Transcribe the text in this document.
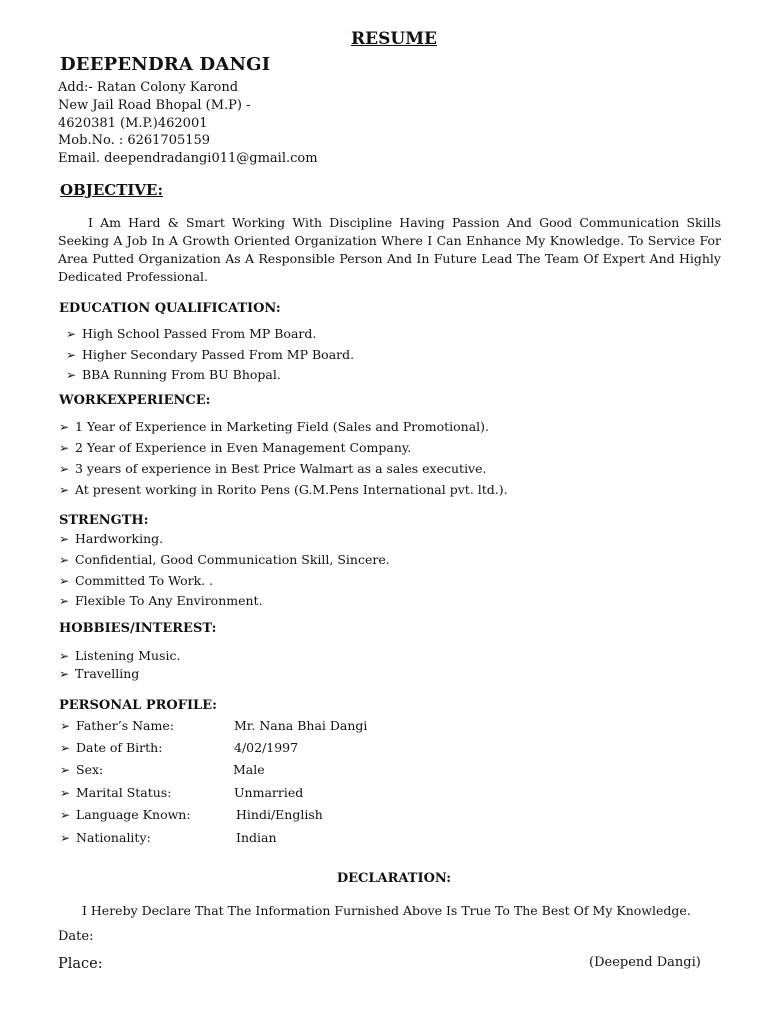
RESUME
DEEPENDRA DANGI
Add:- Ratan Colony Karond
New Jail Road Bhopal (M.P) -
4620381 (M.P.)462001
Mob.No. : 6261705159
Email. deependradangi011@gmail.com
OBJECTIVE:
I Am Hard & Smart Working With Discipline Having Passion And Good Communication Skills Seeking A Job In A Growth Oriented Organization Where I Can Enhance My Knowledge. To Service For Area Putted Organization As A Responsible Person And In Future Lead The Team Of Expert And Highly Dedicated Professional.
EDUCATION QUALIFICATION:
➢ High School Passed From MP Board.
➢ Higher Secondary Passed From MP Board.
➢ BBA Running From BU Bhopal.
WORKEXPERIENCE:
➢ 1 Year of Experience in Marketing Field (Sales and Promotional).
➢ 2 Year of Experience in Even Management Company.
➢ 3 years of experience in Best Price Walmart as a sales executive.
➢ At present working in Rorito Pens (G.M.Pens International pvt. ltd.).
STRENGTH:
➢ Hardworking.
➢ Confidential, Good Communication Skill, Sincere.
➢ Committed To Work. .
➢ Flexible To Any Environment.
HOBBIES/INTEREST:
➢ Listening Music.
➢ Travelling
PERSONAL PROFILE:
➢ Father’s Name:	Mr. Nana Bhai Dangi
➢ Date of Birth:	4/02/1997
➢ Sex:	Male
➢ Marital Status:	Unmarried
➢ Language Known:	Hindi/English
➢ Nationality:	Indian
DECLARATION:
I Hereby Declare That The Information Furnished Above Is True To The Best Of My Knowledge.
Date:
Place:	(Deepend Dangi)
